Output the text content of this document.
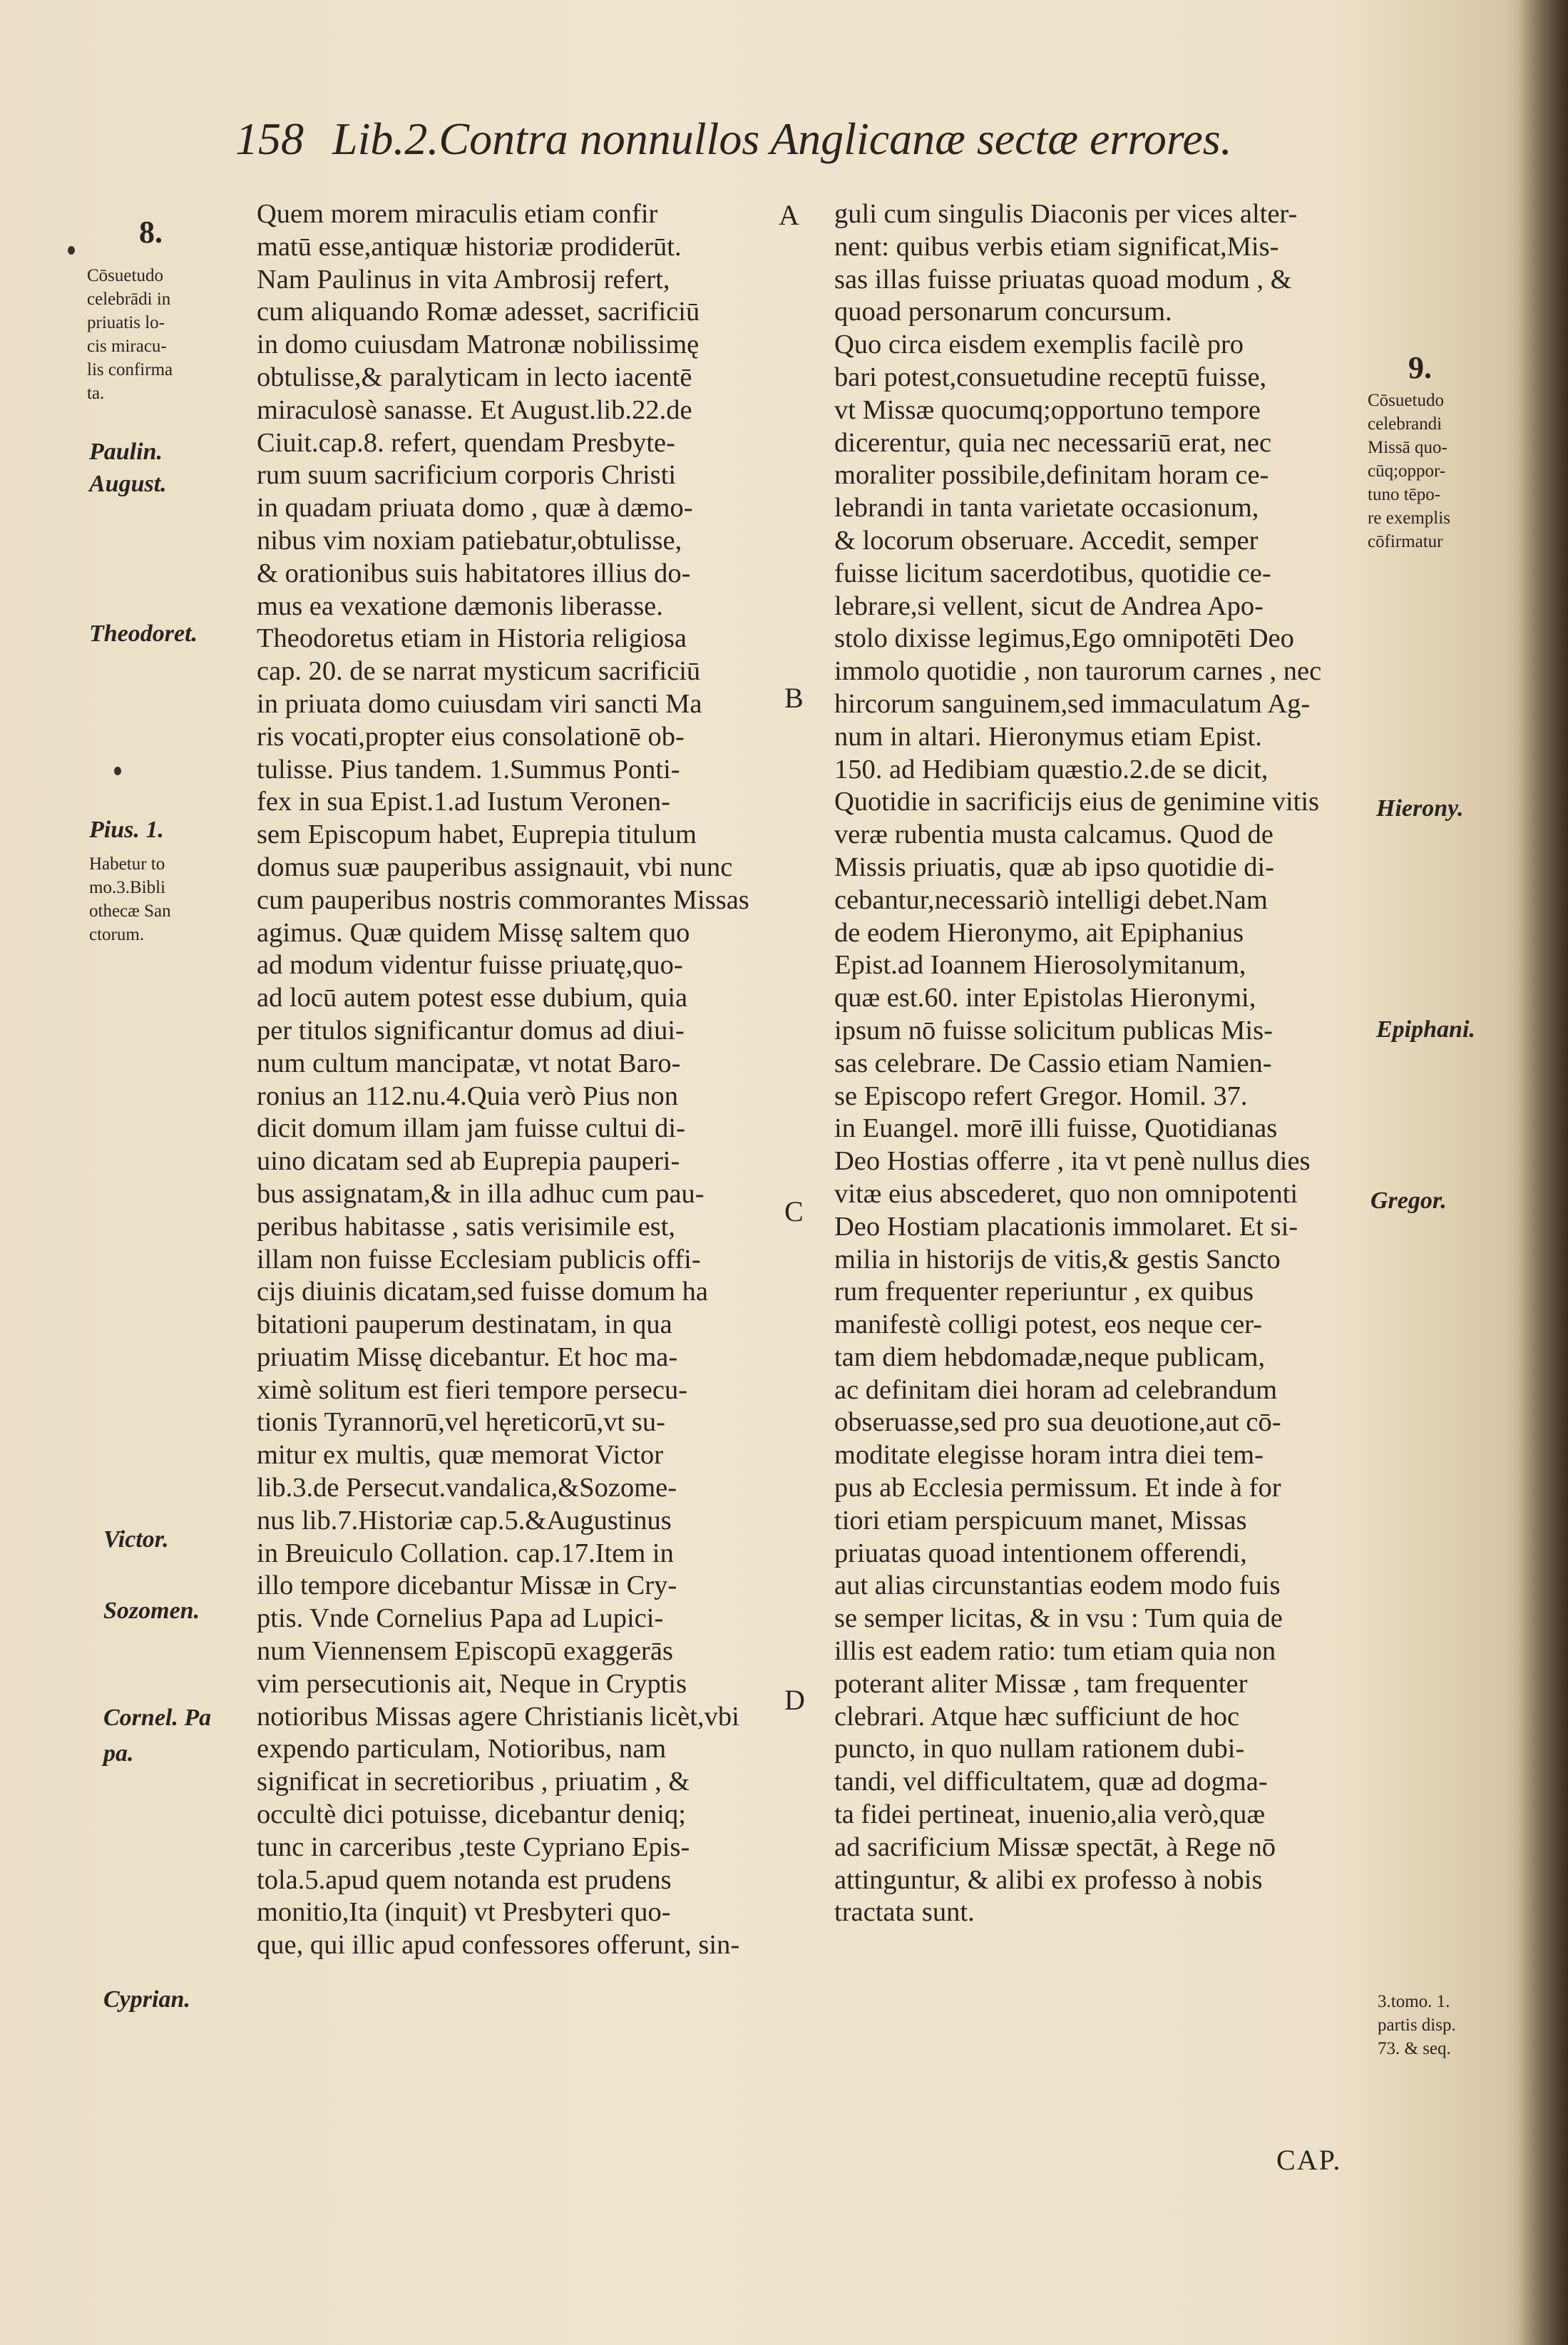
158 Lib.2.Contra nonnullos Anglicanæ sectæ errores.
Quem morem miraculis etiam confir
matū esse,antiquæ historiæ prodiderūt.
Nam Paulinus in vita Ambrosij refert,
cum aliquando Romæ adesset, sacrificiū
in domo cuiusdam Matronæ nobilissimę
obtulisse,& paralyticam in lecto iacentē
miraculosè sanasse. Et August.lib.22.de
Ciuit.cap.8. refert, quendam Presbyte-
rum suum sacrificium corporis Christi
in quadam priuata domo , quæ à dæmo-
nibus vim noxiam patiebatur,obtulisse,
& orationibus suis habitatores illius do-
mus ea vexatione dæmonis liberasse.
Theodoretus etiam in Historia religiosa
cap. 20. de se narrat mysticum sacrificiū
in priuata domo cuiusdam viri sancti Ma
ris vocati,propter eius consolationē ob-
tulisse. Pius tandem. 1.Summus Ponti-
fex in sua Epist.1.ad Iustum Veronen-
sem Episcopum habet, Euprepia titulum
domus suæ pauperibus assignauit, vbi nunc
cum pauperibus nostris commorantes Missas
agimus. Quæ quidem Missę saltem quo
ad modum videntur fuisse priuatę,quo-
ad locū autem potest esse dubium, quia
per titulos significantur domus ad diui-
num cultum mancipatæ, vt notat Baro-
ronius an 112.nu.4.Quia verò Pius non
dicit domum illam jam fuisse cultui di-
uino dicatam sed ab Euprepia pauperi-
bus assignatam,& in illa adhuc cum pau-
peribus habitasse , satis verisimile est,
illam non fuisse Ecclesiam publicis offi-
cijs diuinis dicatam,sed fuisse domum ha
bitationi pauperum destinatam, in qua
priuatim Missę dicebantur. Et hoc ma-
ximè solitum est fieri tempore persecu-
tionis Tyrannorū,vel hęreticorū,vt su-
mitur ex multis, quæ memorat Victor
lib.3.de Persecut.vandalica,&Sozome-
nus lib.7.Historiæ cap.5.&Augustinus
in Breuiculo Collation. cap.17.Item in
illo tempore dicebantur Missæ in Cry-
ptis. Vnde Cornelius Papa ad Lupici-
num Viennensem Episcopū exaggerās
vim persecutionis ait, Neque in Cryptis
notioribus Missas agere Christianis licèt,vbi
expendo particulam, Notioribus, nam
significat in secretioribus , priuatim , &
occultè dici potuisse, dicebantur deniq;
tunc in carceribus ,teste Cypriano Epis-
tola.5.apud quem notanda est prudens
monitio,Ita (inquit) vt Presbyteri quo-
que, qui illic apud confessores offerunt, sin-
guli cum singulis Diaconis per vices alter-
nent: quibus verbis etiam significat,Mis-
sas illas fuisse priuatas quoad modum , &
quoad personarum concursum.
Quo circa eisdem exemplis facilè pro
bari potest,consuetudine receptū fuisse,
vt Missæ quocumq;opportuno tempore
dicerentur, quia nec necessariū erat, nec
moraliter possibile,definitam horam ce-
lebrandi in tanta varietate occasionum,
& locorum obseruare. Accedit, semper
fuisse licitum sacerdotibus, quotidie ce-
lebrare,si vellent, sicut de Andrea Apo-
stolo dixisse legimus,Ego omnipotēti Deo
immolo quotidie , non taurorum carnes , nec
hircorum sanguinem,sed immaculatum Ag-
num in altari. Hieronymus etiam Epist.
150. ad Hedibiam quæstio.2.de se dicit,
Quotidie in sacrificijs eius de genimine vitis
veræ rubentia musta calcamus. Quod de
Missis priuatis, quæ ab ipso quotidie di-
cebantur,necessariò intelligi debet.Nam
de eodem Hieronymo, ait Epiphanius
Epist.ad Ioannem Hierosolymitanum,
quæ est.60. inter Epistolas Hieronymi,
ipsum nō fuisse solicitum publicas Mis-
sas celebrare. De Cassio etiam Namien-
se Episcopo refert Gregor. Homil. 37.
in Euangel. morē illi fuisse, Quotidianas
Deo Hostias offerre , ita vt penè nullus dies
vitæ eius abscederet, quo non omnipotenti
Deo Hostiam placationis immolaret. Et si-
milia in historijs de vitis,& gestis Sancto
rum frequenter reperiuntur , ex quibus
manifestè colligi potest, eos neque cer-
tam diem hebdomadæ,neque publicam,
ac definitam diei horam ad celebrandum
obseruasse,sed pro sua deuotione,aut cō-
moditate elegisse horam intra diei tem-
pus ab Ecclesia permissum. Et inde à for
tiori etiam perspicuum manet, Missas
priuatas quoad intentionem offerendi,
aut alias circunstantias eodem modo fuis
se semper licitas, & in vsu : Tum quia de
illis est eadem ratio: tum etiam quia non
poterant aliter Missæ , tam frequenter
clebrari. Atque hæc sufficiunt de hoc
puncto, in quo nullam rationem dubi-
tandi, vel difficultatem, quæ ad dogma-
ta fidei pertineat, inuenio,alia verò,quæ
ad sacrificium Missæ spectāt, à Rege nō
attinguntur, & alibi ex professo à nobis
tractata sunt.
A
B
C
D
8.
Cōsuetudo
celebrādi in
priuatis lo-
cis miracu-
lis confirma
ta.
Paulin.
August.
Theodoret.
Pius. 1.
Habetur to
mo.3.Bibli
othecæ San
ctorum.
Victor.
Sozomen.
Cornel. Pa
pa.
Cyprian.
9.
Cōsuetudo
celebrandi
Missā quo-
cūq;oppor-
tuno tēpo-
re exemplis
cōfirmatur
Hierony.
Epiphani.
Gregor.
3.tomo. 1.
partis disp.
73. & seq.
CAP.
